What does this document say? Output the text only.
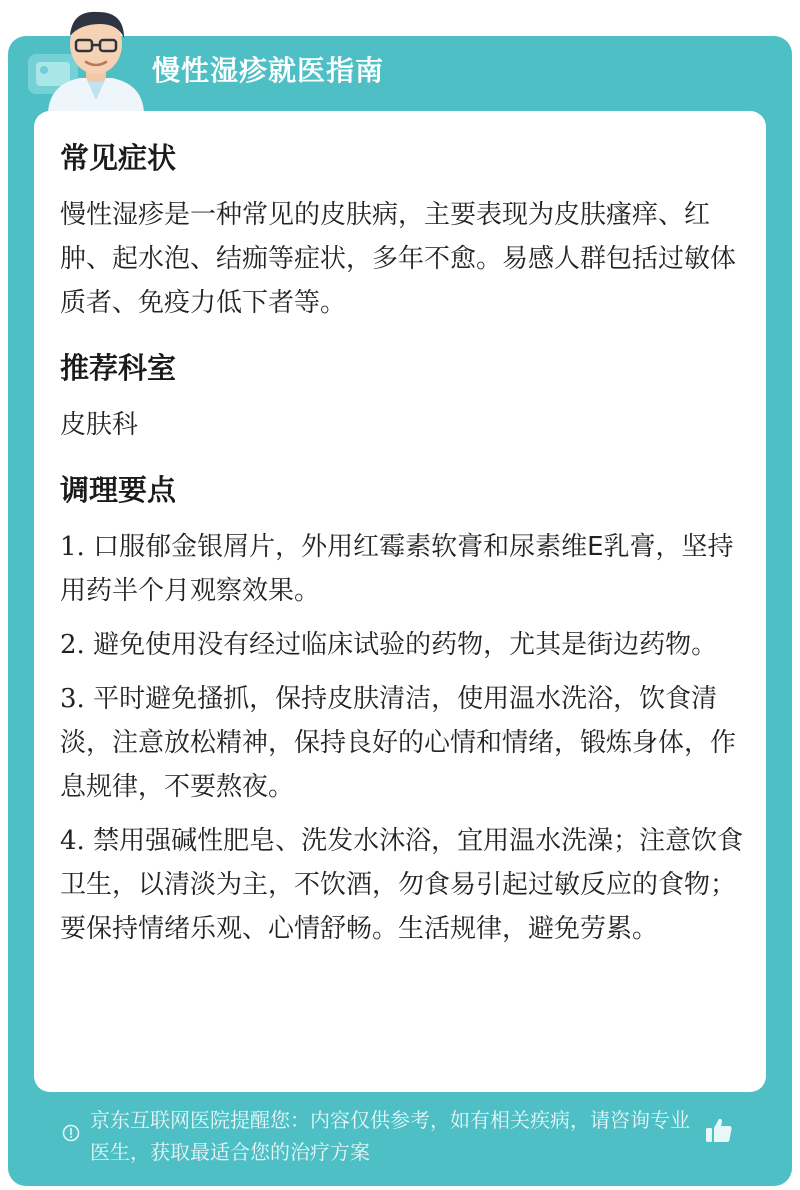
慢性湿疹就医指南
常见症状

慢性湿疹是一种常见的皮肤病，主要表现为皮肤瘙痒、红肿、起水泡、结痂等症状，多年不愈。易感人群包括过敏体质者、免疫力低下者等。

推荐科室

皮肤科

调理要点

1. 口服郁金银屑片，外用红霉素软膏和尿素维E乳膏，坚持用药半个月观察效果。

2. 避免使用没有经过临床试验的药物，尤其是街边药物。

3. 平时避免搔抓，保持皮肤清洁，使用温水洗浴，饮食清淡，注意放松精神，保持良好的心情和情绪，锻炼身体，作息规律，不要熬夜。

4. 禁用强碱性肥皂、洗发水沐浴，宜用温水洗澡；注意饮食卫生，以清淡为主，不饮酒，勿食易引起过敏反应的食物；要保持情绪乐观、心情舒畅。生活规律，避免劳累。

京东互联网医院提醒您：内容仅供参考，如有相关疾病，请咨询专业医生，获取最适合您的治疗方案
